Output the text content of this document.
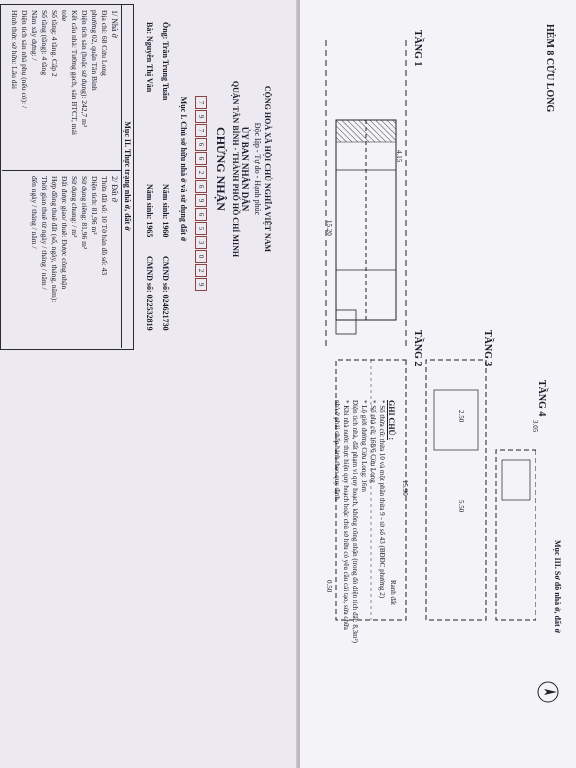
CỘNG HOÀ XÃ HỘI CHỦ NGHĨA VIỆT NAM
Độc lập - Tự do - Hạnh phúc
ỦY BAN NHÂN DÂN
QUẬN TÂN BÌNH - THÀNH PHỐ HỒ CHÍ MINH
CHỨNG NHẬN
79766269653029
Mục I. Chủ sở hữu nhà ở và sử dụng đất ở
Ông: Trần Trung Tuấn
Năm sinh: 1960
CMND số: 024621730
Bà: Nguyễn Thị Vân
Năm sinh: 1965
CMND số: 022532819
Mục II. Thực trạng nhà ở, đất ở
1/ Nhà ở
Địa chỉ: 68 Cửu Long
phường 02, quận Tân Bình
Diện tích sàn (hoặc sử dụng): 242,7 m²
Kết cấu nhà: Tường gạch, sàn BTCT, mái
tole
Số tầng: 4 tầng. Cấp 2
Số tầng (tầng): 4 tầng
Năm xây dựng: /
Diện tích sàn nhà phụ (nếu có): /
Hình thức sở hữu: Lâu dài
2/ Đất ở
Thửa đất số: 10 Tờ bản đồ số: 43
Diện tích: 81,96 m²
Sử dụng riêng: 81,96 m²
Sử dụng chung: / m²
Đất được giao/ thuê: Được công nhận
Hợp đồng thuê đất (số, ngày, tháng, năm):
Thời gian thuê từ ngày / tháng / năm /
đến ngày / tháng / năm /
Mục III. Sơ đồ nhà ở, đất ở
HẺM 8 CỬU LONG
TẦNG 1
TẦNG 2	TẦNG 3
TẦNG 4
Ranh đất
4.15
15.90
15.20
3.05
2.50
5.50
0.50
GHI CHÚ :
* Số thửa cũ: thửa 10 và một phần thửa 9 - tờ số 43 (BĐĐC phường 2)
* Số nhà cũ: 168/6 Cửu Long
* Lộ giới đường Cửu Long: 16m
Diện tích nhà, đất phạm vi quy hoạch, không công nhận (trong đó diện tích đất: 8,3m²)
* Khi nhà nước thực hiện quy hoạch hoặc chủ sở hữu có yêu cầu cải tạo, sửa chữa
nhà ở phải chấp hành theo quy định.
